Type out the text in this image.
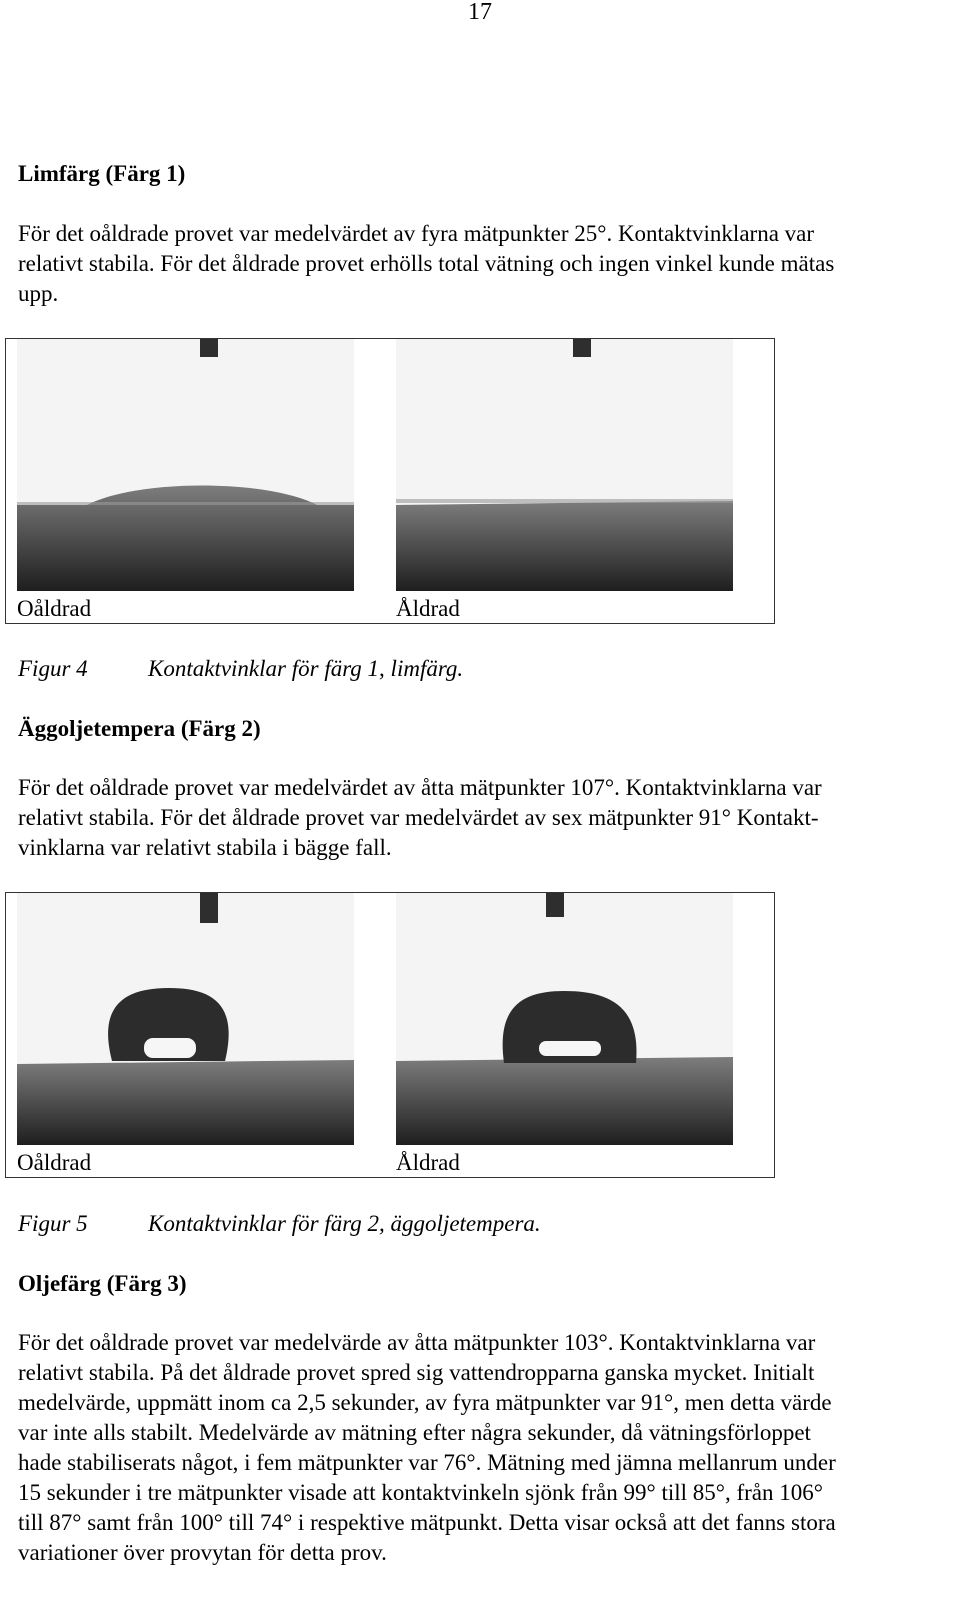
17
Limfärg (Färg 1)
För det oåldrade provet var medelvärdet av fyra mätpunkter 25°. Kontaktvinklarna var
relativt stabila. För det åldrade provet erhölls total vätning och ingen vinkel kunde mätas
upp.
Oåldrad	Åldrad
Figur 4	Kontaktvinklar för färg 1, limfärg.
Äggoljetempera (Färg 2)
För det oåldrade provet var medelvärdet av åtta mätpunkter 107°. Kontaktvinklarna var
relativt stabila. För det åldrade provet var medelvärdet av sex mätpunkter 91° Kontakt-
vinklarna var relativt stabila i bägge fall.
Oåldrad	Åldrad
Figur 5	Kontaktvinklar för färg 2, äggoljetempera.
Oljefärg (Färg 3)
För det oåldrade provet var medelvärde av åtta mätpunkter 103°. Kontaktvinklarna var
relativt stabila. På det åldrade provet spred sig vattendropparna ganska mycket. Initialt
medelvärde, uppmätt inom ca 2,5 sekunder, av fyra mätpunkter var 91°, men detta värde
var inte alls stabilt. Medelvärde av mätning efter några sekunder, då vätningsförloppet
hade stabiliserats något, i fem mätpunkter var 76°. Mätning med jämna mellanrum under
15 sekunder i tre mätpunkter visade att kontaktvinkeln sjönk från 99° till 85°, från 106°
till 87° samt från 100° till 74° i respektive mätpunkt. Detta visar också att det fanns stora
variationer över provytan för detta prov.
